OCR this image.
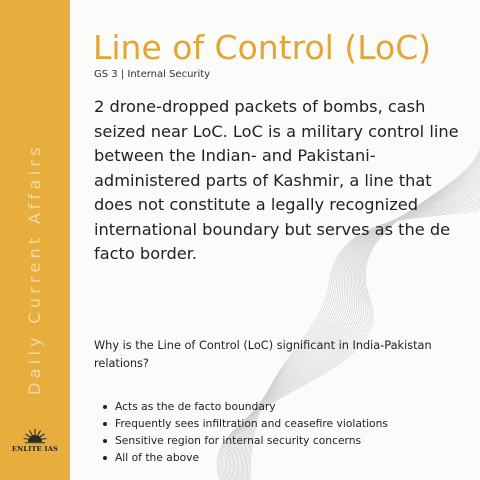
Daily Current Affairs
ENLITE IAS
Line of Control (LoC)
GS 3 | Internal Security

2 drone-dropped packets of bombs, cash seized near LoC. LoC is a military control line between the Indian- and Pakistani-administered parts of Kashmir, a line that does not constitute a legally recognized international boundary but serves as the de facto border.

Why is the Line of Control (LoC) significant in India-Pakistan relations?

Acts as the de facto boundary
Frequently sees infiltration and ceasefire violations
Sensitive region for internal security concerns
All of the above
